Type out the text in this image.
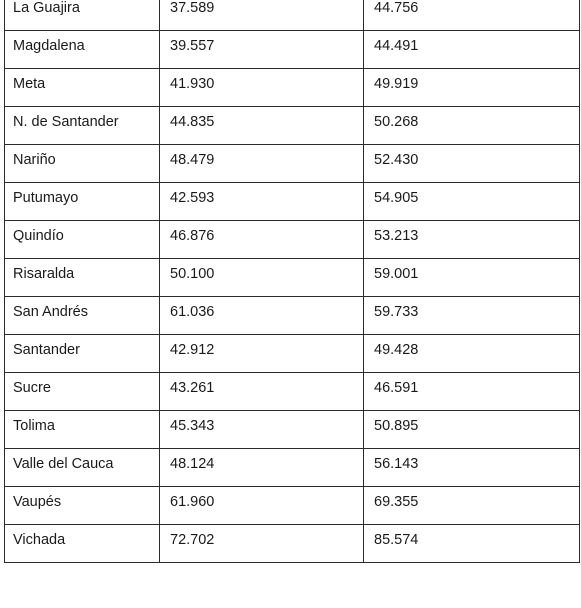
La Guajira	37.589	44.756
Magdalena	39.557	44.491
Meta	41.930	49.919
N. de Santander	44.835	50.268
Nariño	48.479	52.430
Putumayo	42.593	54.905
Quindío	46.876	53.213
Risaralda	50.100	59.001
San Andrés	61.036	59.733
Santander	42.912	49.428
Sucre	43.261	46.591
Tolima	45.343	50.895
Valle del Cauca	48.124	56.143
Vaupés	61.960	69.355
Vichada	72.702	85.574
